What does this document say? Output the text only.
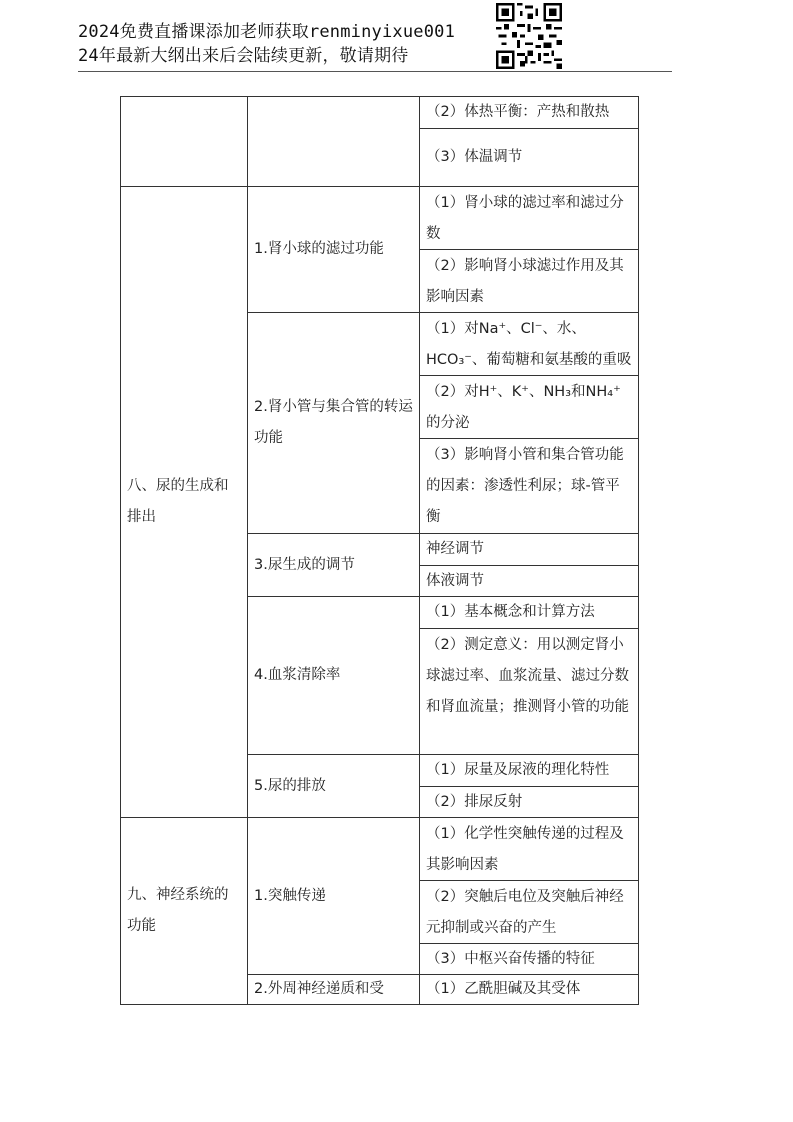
2024免费直播课添加老师获取renminyixue001
24年最新大纲出来后会陆续更新，敬请期待
（2）体热平衡：产热和散热
（3）体温调节
八、尿的生成和排出
1.肾小球的滤过功能
（1）肾小球的滤过率和滤过分数
（2）影响肾小球滤过作用及其影响因素
2.肾小管与集合管的转运功能
（1）对Na⁺、Cl⁻、水、HCO₃⁻、葡萄糖和氨基酸的重吸
（2）对H⁺、K⁺、NH₃和NH₄⁺的分泌
（3）影响肾小管和集合管功能的因素：渗透性利尿；球-管平衡
3.尿生成的调节
神经调节
体液调节
4.血浆清除率
（1）基本概念和计算方法
（2）测定意义：用以测定肾小球滤过率、血浆流量、滤过分数和肾血流量；推测肾小管的功能
5.尿的排放
（1）尿量及尿液的理化特性
（2）排尿反射
九、神经系统的功能
1.突触传递
（1）化学性突触传递的过程及其影响因素
（2）突触后电位及突触后神经元抑制或兴奋的产生
（3）中枢兴奋传播的特征
2.外周神经递质和受	（1）乙酰胆碱及其受体
